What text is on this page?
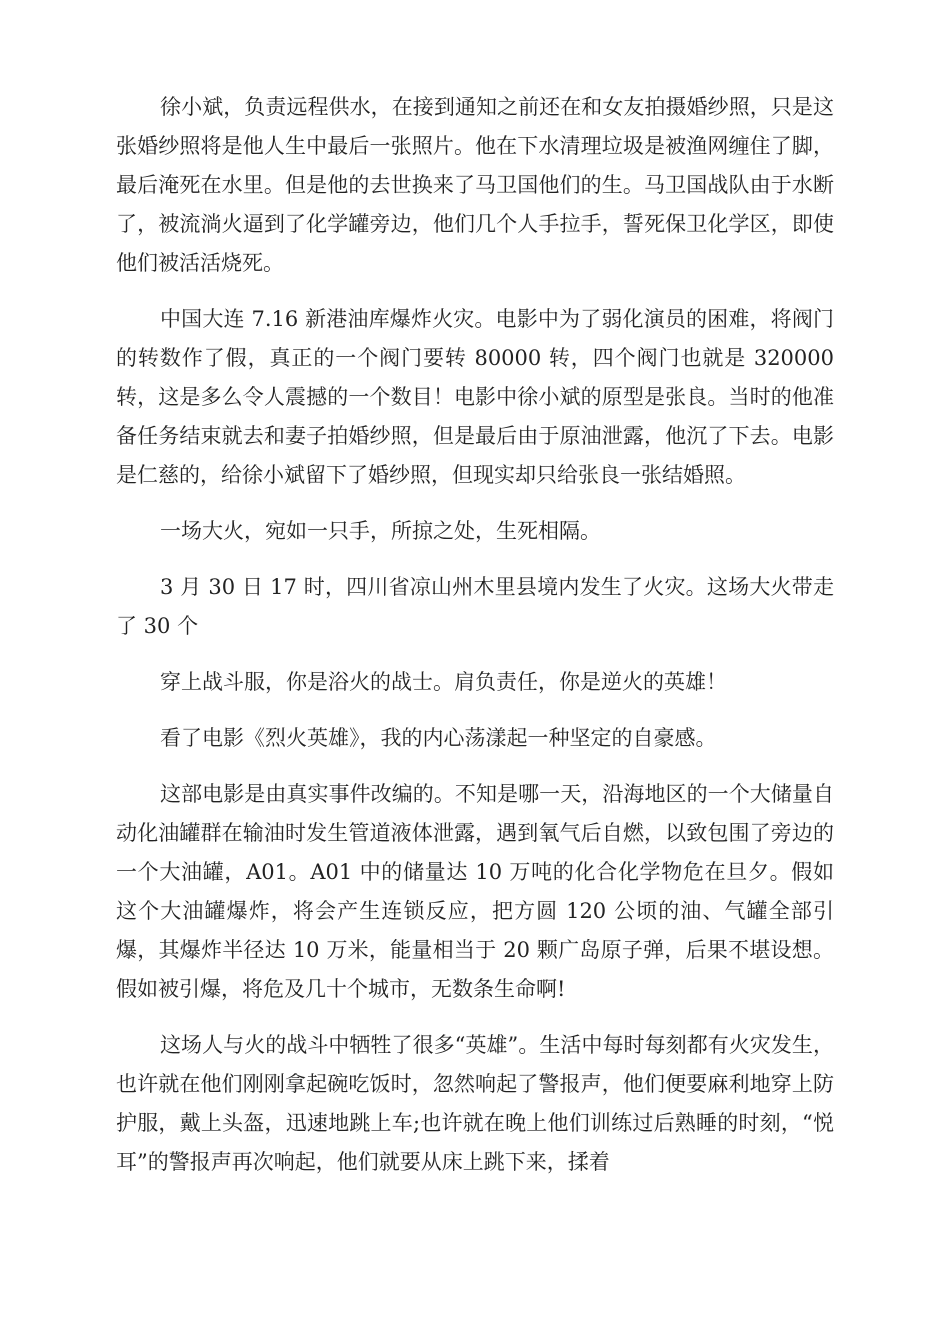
徐小斌，负责远程供水，在接到通知之前还在和女友拍摄婚纱照，只是这张婚纱照将是他人生中最后一张照片。他在下水清理垃圾是被渔网缠住了脚，最后淹死在水里。但是他的去世换来了马卫国他们的生。马卫国战队由于水断了，被流淌火逼到了化学罐旁边，他们几个人手拉手，誓死保卫化学区，即使他们被活活烧死。

中国大连 7.16 新港油库爆炸火灾。电影中为了弱化演员的困难，将阀门的转数作了假，真正的一个阀门要转 80000 转，四个阀门也就是 320000 转，这是多么令人震撼的一个数目！电影中徐小斌的原型是张良。当时的他准备任务结束就去和妻子拍婚纱照，但是最后由于原油泄露，他沉了下去。电影是仁慈的，给徐小斌留下了婚纱照，但现实却只给张良一张结婚照。

一场大火，宛如一只手，所掠之处，生死相隔。

3 月 30 日 17 时，四川省凉山州木里县境内发生了火灾。这场大火带走了 30 个

穿上战斗服，你是浴火的战士。肩负责任，你是逆火的英雄！

看了电影《烈火英雄》，我的内心荡漾起一种坚定的自豪感。

这部电影是由真实事件改编的。不知是哪一天，沿海地区的一个大储量自动化油罐群在输油时发生管道液体泄露，遇到氧气后自燃，以致包围了旁边的一个大油罐，A01。A01 中的储量达 10 万吨的化合化学物危在旦夕。假如这个大油罐爆炸，将会产生连锁反应，把方圆 120 公顷的油、气罐全部引爆，其爆炸半径达 10 万米，能量相当于 20 颗广岛原子弹，后果不堪设想。假如被引爆，将危及几十个城市，无数条生命啊!

这场人与火的战斗中牺牲了很多“英雄”。生活中每时每刻都有火灾发生，也许就在他们刚刚拿起碗吃饭时，忽然响起了警报声，他们便要麻利地穿上防护服，戴上头盔，迅速地跳上车;也许就在晚上他们训练过后熟睡的时刻，“悦耳”的警报声再次响起，他们就要从床上跳下来，揉着
